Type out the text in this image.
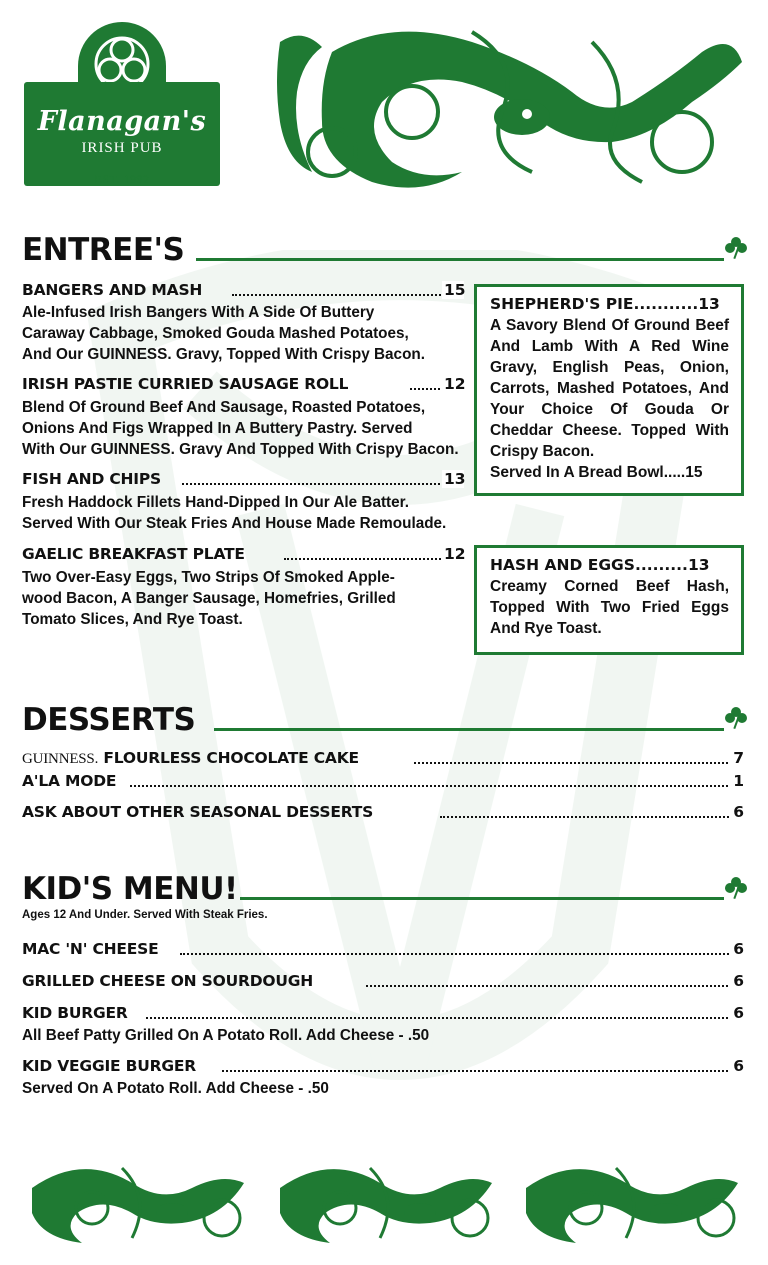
Flanagan's
IRISH PUB
EST. 1992
ENTREE'S
BANGERS AND MASH	15
Ale-Infused Irish Bangers With A Side Of Buttery
Caraway Cabbage, Smoked Gouda Mashed Potatoes,
And Our GUINNESS. Gravy, Topped With Crispy Bacon.
IRISH PASTIE CURRIED SAUSAGE ROLL	12
Blend Of Ground Beef And Sausage, Roasted Potatoes,
Onions And Figs Wrapped In A Buttery Pastry. Served
With Our GUINNESS. Gravy And Topped With Crispy Bacon.
FISH AND CHIPS	13
Fresh Haddock Fillets Hand-Dipped In Our Ale Batter.
Served With Our Steak Fries And House Made Remoulade.
GAELIC BREAKFAST PLATE	12
Two Over-Easy Eggs, Two Strips Of Smoked Apple-
wood Bacon, A Banger Sausage, Homefries, Grilled
Tomato Slices, And Rye Toast.
SHEPHERD'S PIE...........13
A Savory Blend Of Ground Beef And Lamb With A Red Wine Gravy, English Peas, Onion, Carrots, Mashed Potatoes, And Your Choice Of Gouda Or Cheddar Cheese. Topped With Crispy Bacon.
Served In A Bread Bowl.....15
HASH AND EGGS.........13
Creamy Corned Beef Hash, Topped With Two Fried Eggs And Rye Toast.
DESSERTS
GUINNESS. FLOURLESS CHOCOLATE CAKE	7
A'LA MODE	1
ASK ABOUT OTHER SEASONAL DESSERTS	6
KID'S MENU!
Ages 12 And Under. Served With Steak Fries.
MAC 'N' CHEESE	6
GRILLED CHEESE ON SOURDOUGH	6
KID BURGER	6
All Beef Patty Grilled On A Potato Roll. Add Cheese - .50
KID VEGGIE BURGER	6
Served On A Potato Roll. Add Cheese - .50
